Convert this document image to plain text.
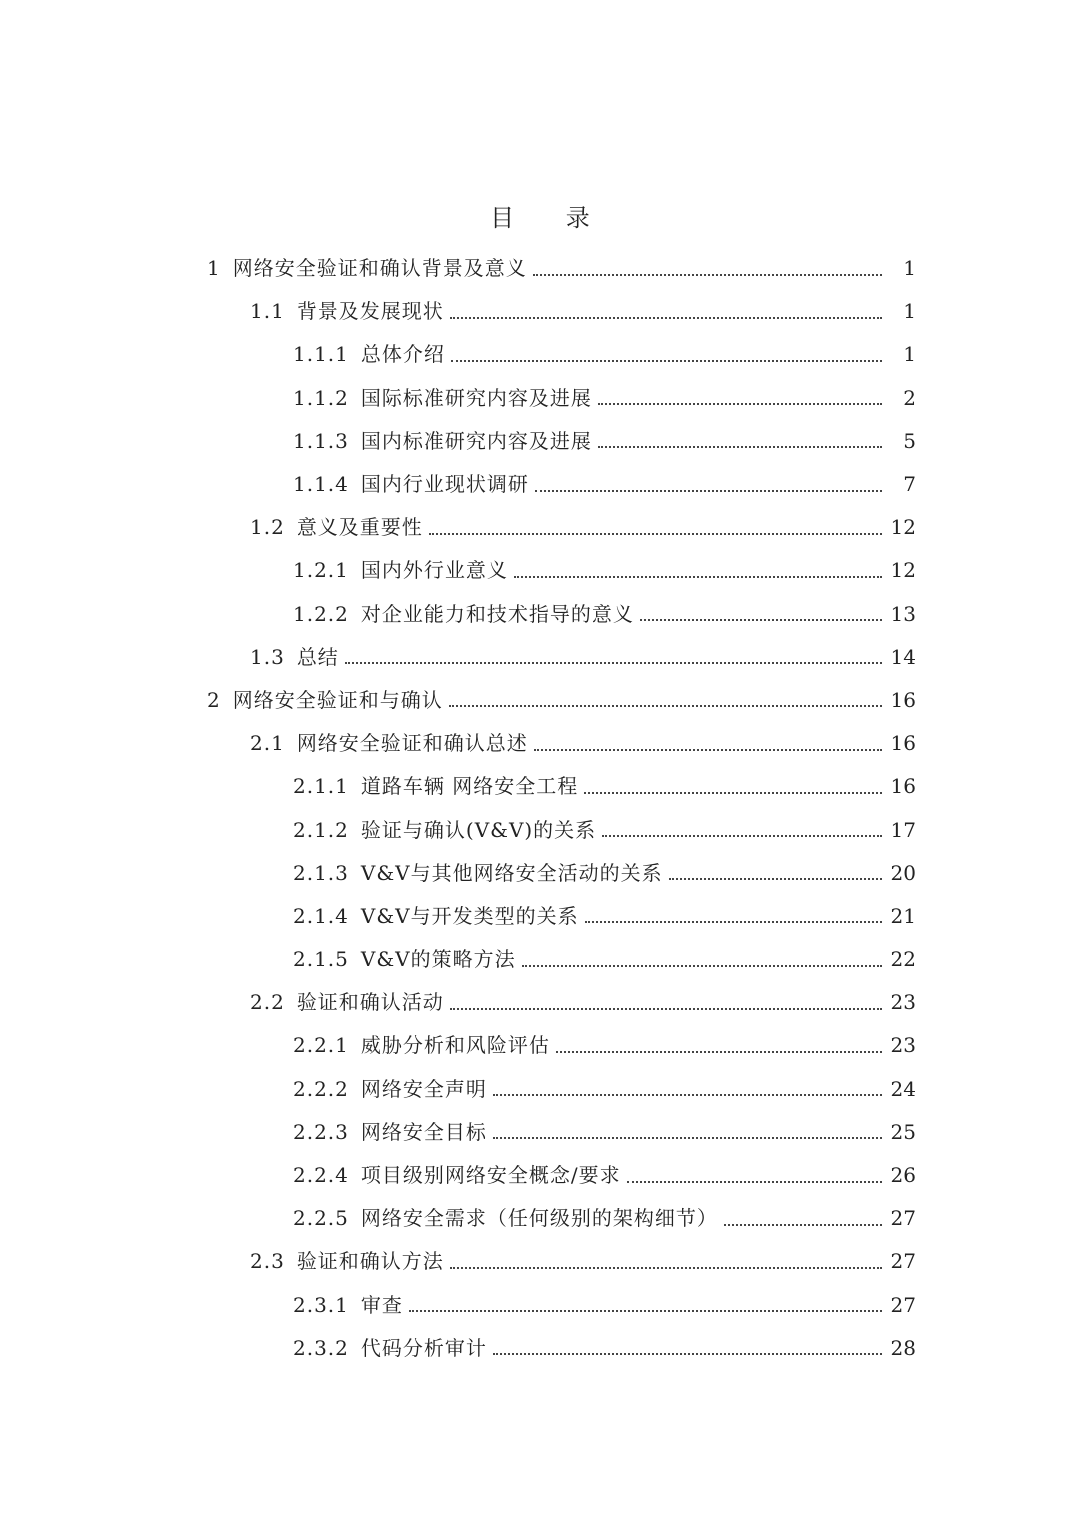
目 录
1 网络安全验证和确认背景及意义	1
1.1 背景及发展现状	1
1.1.1 总体介绍	1
1.1.2 国际标准研究内容及进展	2
1.1.3 国内标准研究内容及进展	5
1.1.4 国内行业现状调研	7
1.2 意义及重要性	12
1.2.1 国内外行业意义	12
1.2.2 对企业能力和技术指导的意义	13
1.3 总结	14
2 网络安全验证和与确认	16
2.1 网络安全验证和确认总述	16
2.1.1 道路车辆 网络安全工程	16
2.1.2 验证与确认(V&V)的关系	17
2.1.3 V&V与其他网络安全活动的关系	20
2.1.4 V&V与开发类型的关系	21
2.1.5 V&V的策略方法	22
2.2 验证和确认活动	23
2.2.1 威胁分析和风险评估	23
2.2.2 网络安全声明	24
2.2.3 网络安全目标	25
2.2.4 项目级别网络安全概念/要求	26
2.2.5 网络安全需求（任何级别的架构细节）	27
2.3 验证和确认方法	27
2.3.1 审查	27
2.3.2 代码分析审计	28
